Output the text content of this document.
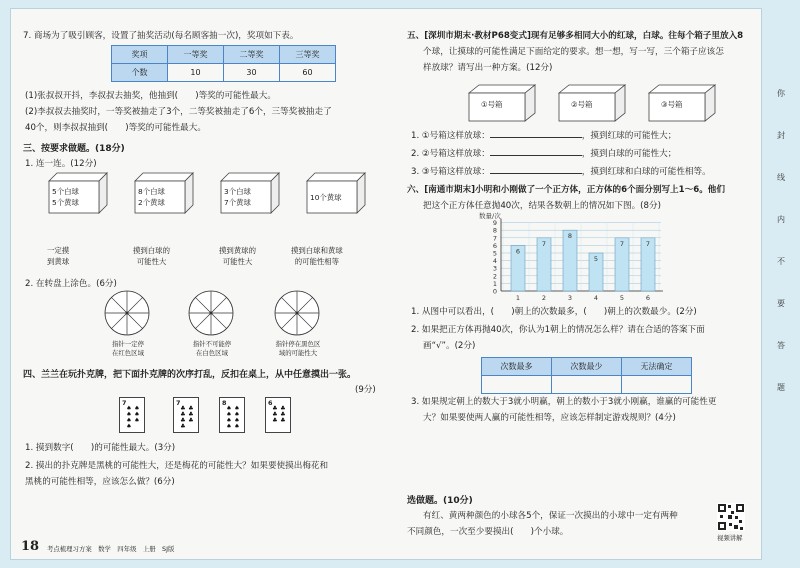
7. 商场为了吸引顾客，设置了抽奖活动(每名顾客抽一次)，奖项如下表。
奖项	一等奖	二等奖	三等奖
个数	10	30	60
(1)张叔叔开抖，李叔叔去抽奖，他抽到(　　)等奖的可能性最大。
(2)李叔叔去抽奖时，一等奖被抽走了3个，二等奖被抽走了6个，三等奖被抽走了
40个，则李叔叔抽到(　　)等奖的可能性最大。
三、按要求做题。(18分)
1. 连一连。(12分)
5个白球
5个黄球
8个白球
2个黄球
3个白球
7个黄球
10个黄球
一定摸
到黄球
摸到白球的
可能性大
摸到黄球的
可能性大
摸到白球和黄球
的可能性相等
2. 在转盘上涂色。(6分)
指针一定停
在红色区域
指针不可能停
在白色区域
指针停在黑色区
域的可能性大
四、兰兰在玩扑克牌，把下面扑克牌的次序打乱，反扣在桌上，从中任意摸出一张。
(9分)
7
♠ ♠♠ ♠♠ ♠♠
7
♣ ♣♣ ♣♣ ♣♣
8
♠ ♠♠ ♠♠ ♠♠ ♠
6
♣ ♣♣ ♣♣ ♣
1. 摸到数字(　　)的可能性最大。(3分)
2. 摸出的扑克牌是黑桃的可能性大，还是梅花的可能性大？如果要使摸出梅花和
黑桃的可能性相等，应该怎么做？(6分)
18 考点梳理习方案　数学　四年级　上册　SJ版
五、[深圳市期末·教材P68变式]现有足够多相同大小的红球，白球。往每个箱子里放入8
个球，让摸球的可能性满足下面给定的要求。想一想，写一写，三个箱子应该怎
样放球？请写出一种方案。(12分)
①号箱	②号箱	③号箱
1. ①号箱这样放球：	，摸到红球的可能性大；
2. ②号箱这样放球：	，摸到白球的可能性大；
3. ③号箱这样放球：	，摸到红球和白球的可能性相等。
六、[南通市期末]小明和小刚做了一个正方体，正方体的6个面分别写上1～6。他们
把这个正方体任意抛40次，结果各数朝上的情况如下图。(8分)
0
1
2
3
4
5
6
7
8
9
数量/次
6
1
7
2
8
3
5
4
7
5
7
6
1. 从图中可以看出，(　　)朝上的次数最多，(　　)朝上的次数最少。(2分)
2. 如果把正方体再抛40次，你认为1朝上的情况怎么样？请在合适的答案下面
画“√”。(2分)
次数最多	次数最少	无法确定

3. 如果规定朝上的数大于3就小明赢，朝上的数小于3就小刚赢，谁赢的可能性更
大？如果要使两人赢的可能性相等，应该怎样制定游戏规则？(4分)
选做题。(10分)
有红、黄两种颜色的小球各5个，保证一次摸出的小球中一定有两种
不同颜色，一次至少要摸出(　　)个小球。
视频讲解
你
封
线
内
不
要
答
题
